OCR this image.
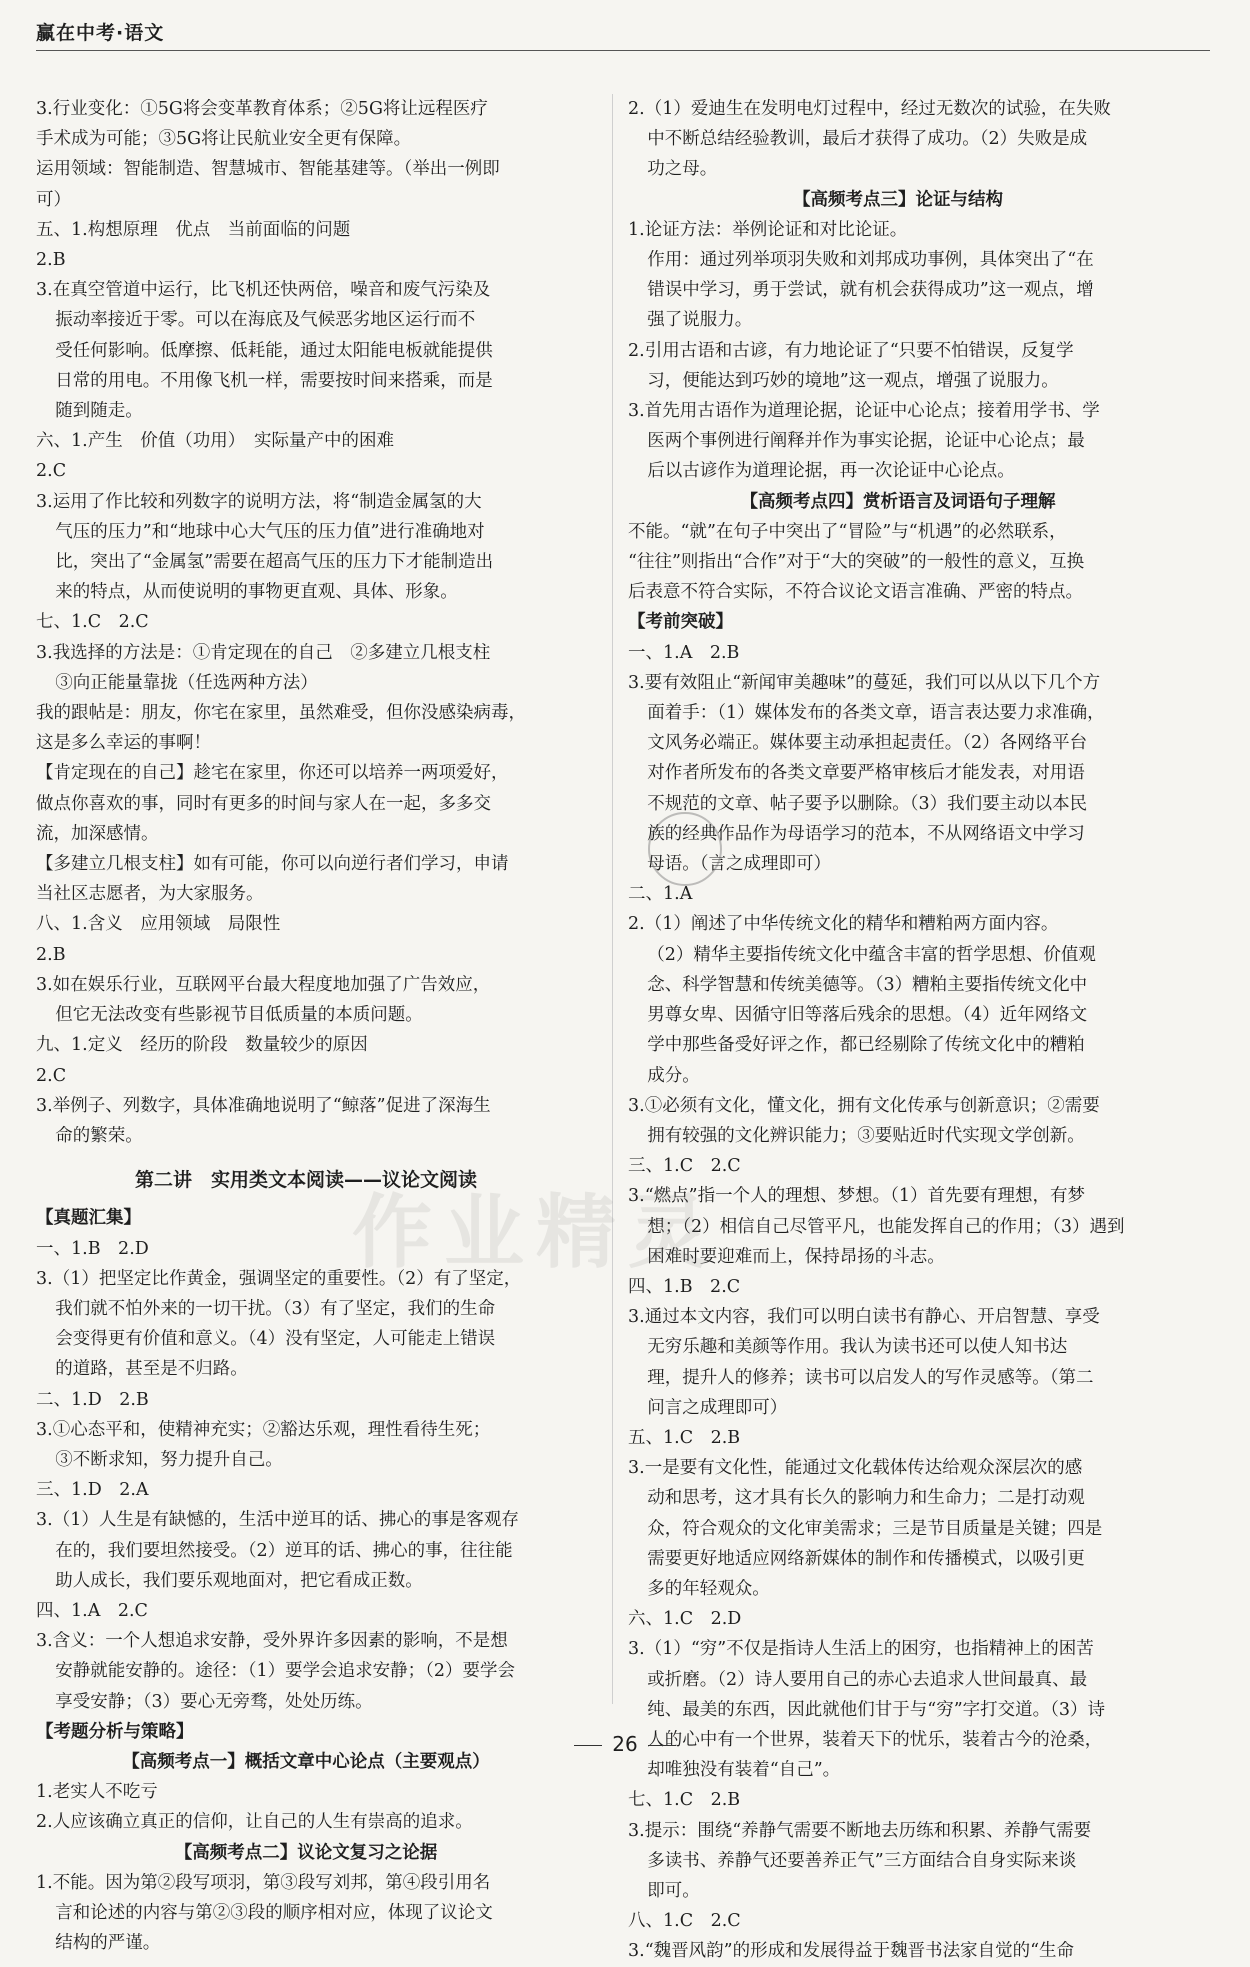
赢在中考·语文

3.行业变化：①5G将会变革教育体系；②5G将让远程医疗

手术成为可能；③5G将让民航业安全更有保障。

运用领域：智能制造、智慧城市、智能基建等。（举出一例即

可）

五、1.构想原理　优点　当前面临的问题

2.B

3.在真空管道中运行，比飞机还快两倍，噪音和废气污染及

振动率接近于零。可以在海底及气候恶劣地区运行而不

受任何影响。低摩擦、低耗能，通过太阳能电板就能提供

日常的用电。不用像飞机一样，需要按时间来搭乘，而是

随到随走。

六、1.产生　价值（功用）　实际量产中的困难

2.C

3.运用了作比较和列数字的说明方法，将“制造金属氢的大

气压的压力”和“地球中心大气压的压力值”进行准确地对

比，突出了“金属氢”需要在超高气压的压力下才能制造出

来的特点，从而使说明的事物更直观、具体、形象。

七、1.C　2.C

3.我选择的方法是：①肯定现在的自己　②多建立几根支柱

③向正能量靠拢（任选两种方法）

我的跟帖是：朋友，你宅在家里，虽然难受，但你没感染病毒，

这是多么幸运的事啊！

【肯定现在的自己】趁宅在家里，你还可以培养一两项爱好，

做点你喜欢的事，同时有更多的时间与家人在一起，多多交

流，加深感情。

【多建立几根支柱】如有可能，你可以向逆行者们学习，申请

当社区志愿者，为大家服务。

八、1.含义　应用领域　局限性

2.B

3.如在娱乐行业，互联网平台最大程度地加强了广告效应，

但它无法改变有些影视节目低质量的本质问题。

九、1.定义　经历的阶段　数量较少的原因

2.C

3.举例子、列数字，具体准确地说明了“鲸落”促进了深海生

命的繁荣。

第二讲　实用类文本阅读——议论文阅读

【真题汇集】

一、1.B　2.D

3.（1）把坚定比作黄金，强调坚定的重要性。（2）有了坚定，

我们就不怕外来的一切干扰。（3）有了坚定，我们的生命

会变得更有价值和意义。（4）没有坚定，人可能走上错误

的道路，甚至是不归路。

二、1.D　2.B

3.①心态平和，使精神充实；②豁达乐观，理性看待生死；

③不断求知，努力提升自己。

三、1.D　2.A

3.（1）人生是有缺憾的，生活中逆耳的话、拂心的事是客观存

在的，我们要坦然接受。（2）逆耳的话、拂心的事，往往能

助人成长，我们要乐观地面对，把它看成正数。

四、1.A　2.C

3.含义：一个人想追求安静，受外界许多因素的影响，不是想

安静就能安静的。途径：（1）要学会追求安静；（2）要学会

享受安静；（3）要心无旁骛，处处历练。

【考题分析与策略】

【高频考点一】概括文章中心论点（主要观点）

1.老实人不吃亏

2.人应该确立真正的信仰，让自己的人生有崇高的追求。

【高频考点二】议论文复习之论据

1.不能。因为第②段写项羽，第③段写刘邦，第④段引用名

言和论述的内容与第②③段的顺序相对应，体现了议论文

结构的严谨。

2.（1）爱迪生在发明电灯过程中，经过无数次的试验，在失败

中不断总结经验教训，最后才获得了成功。（2）失败是成

功之母。

【高频考点三】论证与结构

1.论证方法：举例论证和对比论证。

作用：通过列举项羽失败和刘邦成功事例，具体突出了“在

错误中学习，勇于尝试，就有机会获得成功”这一观点，增

强了说服力。

2.引用古语和古谚，有力地论证了“只要不怕错误，反复学

习，便能达到巧妙的境地”这一观点，增强了说服力。

3.首先用古语作为道理论据，论证中心论点；接着用学书、学

医两个事例进行阐释并作为事实论据，论证中心论点；最

后以古谚作为道理论据，再一次论证中心论点。

【高频考点四】赏析语言及词语句子理解

不能。“就”在句子中突出了“冒险”与“机遇”的必然联系，

“往往”则指出“合作”对于“大的突破”的一般性的意义，互换

后表意不符合实际，不符合议论文语言准确、严密的特点。

【考前突破】

一、1.A　2.B

3.要有效阻止“新闻审美趣味”的蔓延，我们可以从以下几个方

面着手：（1）媒体发布的各类文章，语言表达要力求准确，

文风务必端正。媒体要主动承担起责任。（2）各网络平台

对作者所发布的各类文章要严格审核后才能发表，对用语

不规范的文章、帖子要予以删除。（3）我们要主动以本民

族的经典作品作为母语学习的范本，不从网络语文中学习

母语。（言之成理即可）

二、1.A

2.（1）阐述了中华传统文化的精华和糟粕两方面内容。

（2）精华主要指传统文化中蕴含丰富的哲学思想、价值观

念、科学智慧和传统美德等。（3）糟粕主要指传统文化中

男尊女卑、因循守旧等落后残余的思想。（4）近年网络文

学中那些备受好评之作，都已经剔除了传统文化中的糟粕

成分。

3.①必须有文化，懂文化，拥有文化传承与创新意识；②需要

拥有较强的文化辨识能力；③要贴近时代实现文学创新。

三、1.C　2.C

3.“燃点”指一个人的理想、梦想。（1）首先要有理想，有梦

想；（2）相信自己尽管平凡，也能发挥自己的作用；（3）遇到

困难时要迎难而上，保持昂扬的斗志。

四、1.B　2.C

3.通过本文内容，我们可以明白读书有静心、开启智慧、享受

无穷乐趣和美颜等作用。我认为读书还可以使人知书达

理，提升人的修养；读书可以启发人的写作灵感等。（第二

问言之成理即可）

五、1.C　2.B

3.一是要有文化性，能通过文化载体传达给观众深层次的感

动和思考，这才具有长久的影响力和生命力；二是打动观

众，符合观众的文化审美需求；三是节目质量是关键；四是

需要更好地适应网络新媒体的制作和传播模式，以吸引更

多的年轻观众。

六、1.C　2.D

3.（1）“穷”不仅是指诗人生活上的困穷，也指精神上的困苦

或折磨。（2）诗人要用自己的赤心去追求人世间最真、最

纯、最美的东西，因此就他们甘于与“穷”字打交道。（3）诗

人的心中有一个世界，装着天下的忧乐，装着古今的沧桑，

却唯独没有装着“自己”。

七、1.C　2.B

3.提示：围绕“养静气需要不断地去历练和积累、养静气需要

多读书、养静气还要善养正气”三方面结合自身实际来谈

即可。

八、1.C　2.C

3.“魏晋风韵”的形成和发展得益于魏晋书法家自觉的“生命

作业精灵
26
